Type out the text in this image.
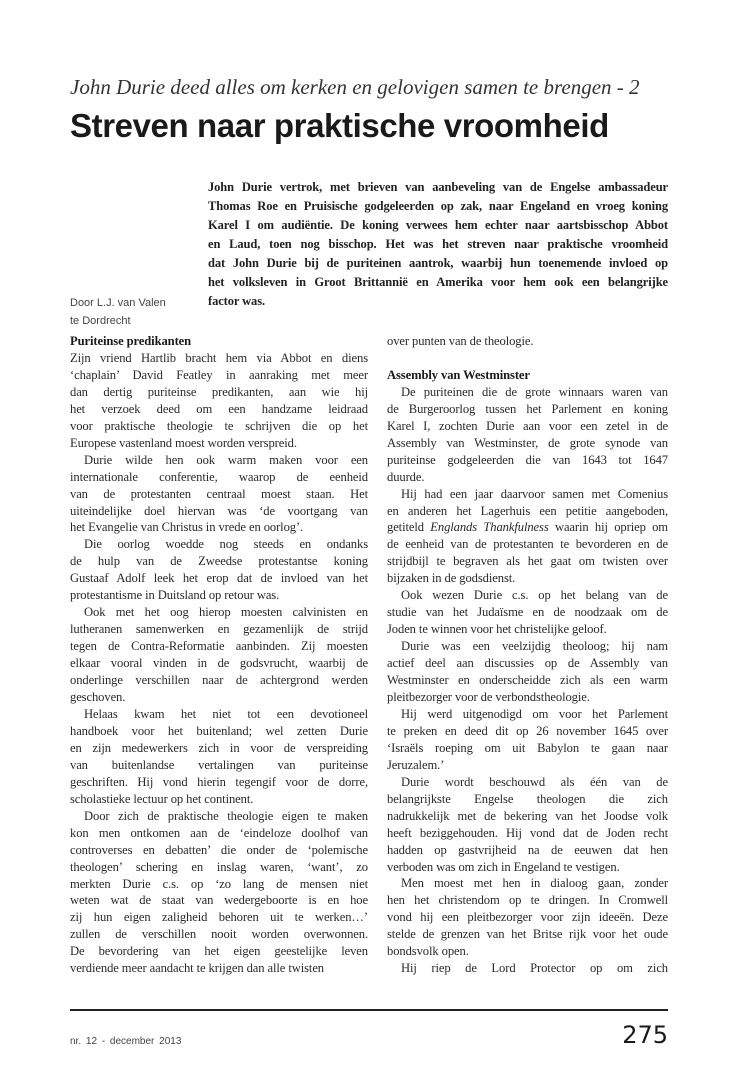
John Durie deed alles om kerken en gelovigen samen te brengen - 2
Streven naar praktische vroomheid
John Durie vertrok, met brieven van aanbeveling van de Engelse ambassadeur
Thomas Roe en Pruisische godgeleerden op zak, naar Engeland en vroeg koning
Karel I om audiëntie. De koning verwees hem echter naar aartsbisschop Abbot
en Laud, toen nog bisschop. Het was het streven naar praktische vroomheid
dat John Durie bij de puriteinen aantrok, waarbij hun toenemende invloed op
het volksleven in Groot Brittannië en Amerika voor hem ook een belangrijke
factor was.
Door L.J. van Valen
te Dordrecht
Puriteinse predikanten
Zijn vriend Hartlib bracht hem via Abbot en diens
‘chaplain’ David Featley in aanraking met meer
dan dertig puriteinse predikanten, aan wie hij
het verzoek deed om een handzame leidraad
voor praktische theologie te schrijven die op het
Europese vastenland moest worden verspreid.
Durie wilde hen ook warm maken voor een
internationale conferentie, waarop de eenheid
van de protestanten centraal moest staan. Het
uiteindelijke doel hiervan was ‘de voortgang van
het Evangelie van Christus in vrede en oorlog’.
Die oorlog woedde nog steeds en ondanks
de hulp van de Zweedse protestantse koning
Gustaaf Adolf leek het erop dat de invloed van het
protestantisme in Duitsland op retour was.
Ook met het oog hierop moesten calvinisten en
lutheranen samenwerken en gezamenlijk de strijd
tegen de Contra-Reformatie aanbinden. Zij moesten
elkaar vooral vinden in de godsvrucht, waarbij de
onderlinge verschillen naar de achtergrond werden
geschoven.
Helaas kwam het niet tot een devotioneel
handboek voor het buitenland; wel zetten Durie
en zijn medewerkers zich in voor de verspreiding
van buitenlandse vertalingen van puriteinse
geschriften. Hij vond hierin tegengif voor de dorre,
scholastieke lectuur op het continent.
Door zich de praktische theologie eigen te maken
kon men ontkomen aan de ‘eindeloze doolhof van
controverses en debatten’ die onder de ‘polemische
theologen’ schering en inslag waren, ‘want’, zo
merkten Durie c.s. op ‘zo lang de mensen niet
weten wat de staat van wedergeboorte is en hoe
zij hun eigen zaligheid behoren uit te werken…’
zullen de verschillen nooit worden overwonnen.
De bevordering van het eigen geestelijke leven
verdiende meer aandacht te krijgen dan alle twisten
over punten van de theologie.
Assembly van Westminster
De puriteinen die de grote winnaars waren van
de Burgeroorlog tussen het Parlement en koning
Karel I, zochten Durie aan voor een zetel in de
Assembly van Westminster, de grote synode van
puriteinse godgeleerden die van 1643 tot 1647
duurde.
Hij had een jaar daarvoor samen met Comenius
en anderen het Lagerhuis een petitie aangeboden,
getiteld Englands Thankfulness waarin hij opriep om
de eenheid van de protestanten te bevorderen en de
strijdbijl te begraven als het gaat om twisten over
bijzaken in de godsdienst.
Ook wezen Durie c.s. op het belang van de
studie van het Judaïsme en de noodzaak om de
Joden te winnen voor het christelijke geloof.
Durie was een veelzijdig theoloog; hij nam
actief deel aan discussies op de Assembly van
Westminster en onderscheidde zich als een warm
pleitbezorger voor de verbondstheologie.
Hij werd uitgenodigd om voor het Parlement
te preken en deed dit op 26 november 1645 over
‘Israëls roeping om uit Babylon te gaan naar
Jeruzalem.’
Durie wordt beschouwd als één van de
belangrijkste Engelse theologen die zich
nadrukkelijk met de bekering van het Joodse volk
heeft beziggehouden. Hij vond dat de Joden recht
hadden op gastvrijheid na de eeuwen dat hen
verboden was om zich in Engeland te vestigen.
Men moest met hen in dialoog gaan, zonder
hen het christendom op te dringen. In Cromwell
vond hij een pleitbezorger voor zijn ideeën. Deze
stelde de grenzen van het Britse rijk voor het oude
bondsvolk open.
Hij riep de Lord Protector op om zich
nr. 12 - december 2013	275
